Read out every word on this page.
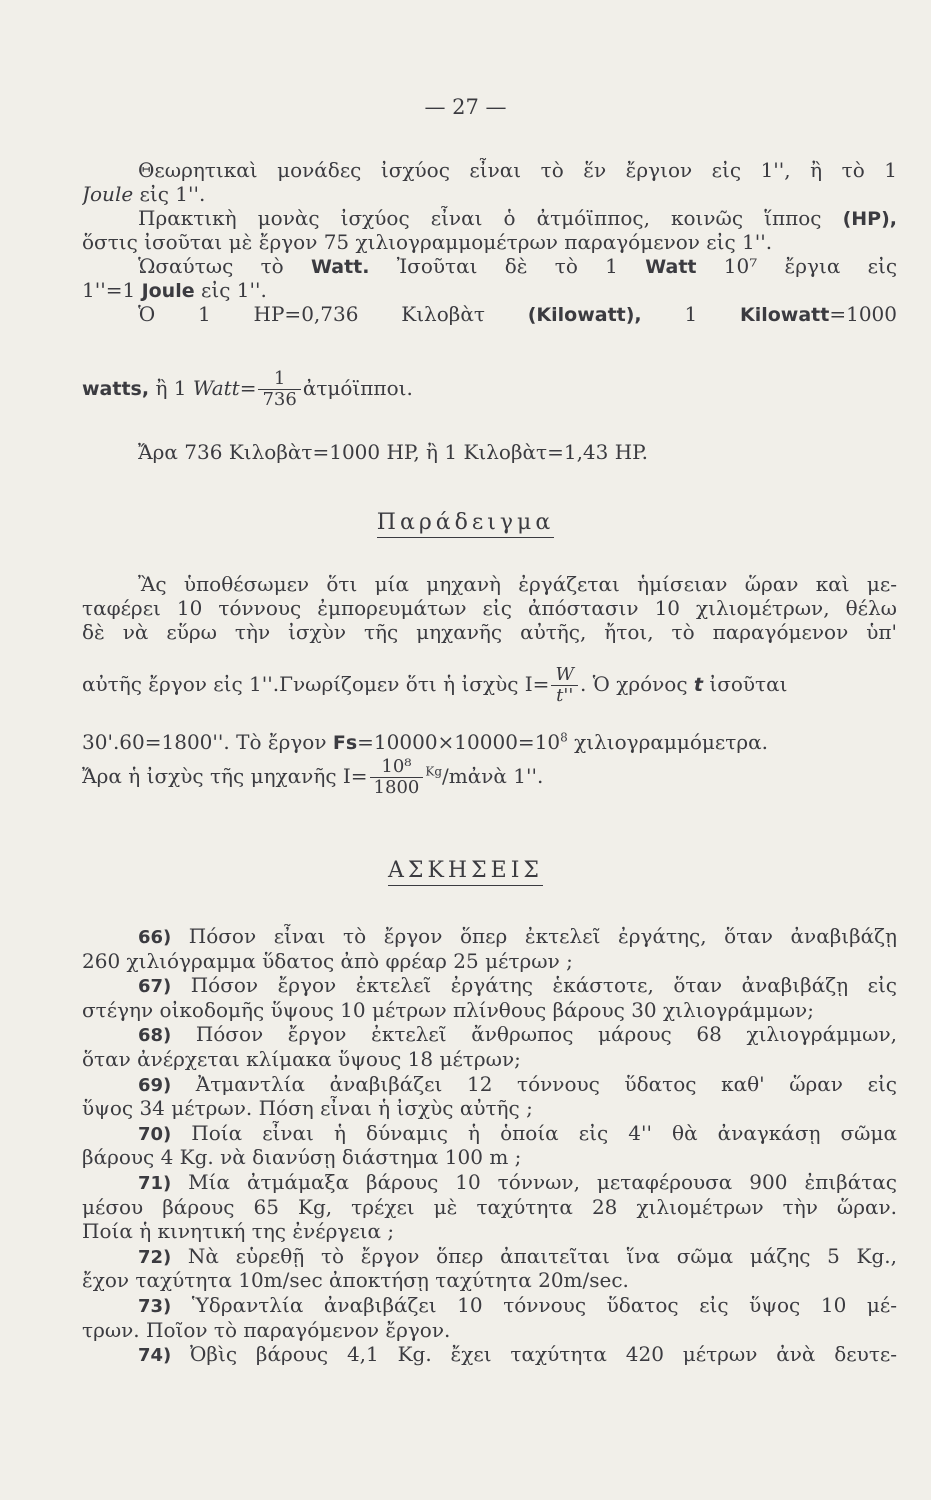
— 27 —
Θεωρητικαὶ μονάδες ἰσχύος εἶναι τὸ ἕν ἔργιον εἰς 1'', ἢ τὸ 1
Joule εἰς 1''.
Πρακτικὴ μονὰς ἰσχύος εἶναι ὁ ἀτμόϊππος, κοινῶς ἵππος (HP),
ὅστις ἰσοῦται μὲ ἔργον 75 χιλιογραμμομέτρων παραγόμενον εἰς 1''.
Ὡσαύτως τὸ Watt. Ἰσοῦται δὲ τὸ 1 Watt 10⁷ ἔργια εἰς
1''=1 Joule εἰς 1''.
Ὁ 1 HP=0,736 Κιλοβὰτ (Kilowatt), 1 Kilowatt=1000
watts, ἢ 1 Watt= $\frac{1}{736}$ ἀτμόϊπποι.
Ἄρα 736 Κιλοβὰτ=1000 HP, ἢ 1 Κιλοβὰτ=1,43 HP.
Παράδειγμα
Ἂς ὑποθέσωμεν ὅτι μία μηχανὴ ἐργάζεται ἡμίσειαν ὥραν καὶ με-
ταφέρει 10 τόννους ἐμπορευμάτων εἰς ἀπόστασιν 10 χιλιομέτρων, θέλω
δὲ νὰ εὕρω τὴν ἰσχὺν τῆς μηχανῆς αὐτῆς, ἤτοι, τὸ παραγόμενον ὑπ'
αὐτῆς ἔργον εἰς 1''.Γνωρίζομεν ὅτι ἡ ἰσχὺς $I= \frac{W}{t''}$ . Ὁ χρόνος t ἰσοῦται
30'.60=1800''. Τὸ ἔργον $Fs=10000\times 10000=10^8$ χιλιογραμμόμετρα.
Ἄρα ἡ ἰσχὺς τῆς μηχανῆς $I= \frac{\text{10⁸}}{1800}$ $^{Kg}$/mἀνὰ 1''.
ΑΣΚΗΣΕΙΣ
66) Πόσον εἶναι τὸ ἔργον ὅπερ ἐκτελεῖ ἐργάτης, ὅταν ἀναβιβάζῃ
260 χιλιόγραμμα ὕδατος ἀπὸ φρέαρ 25 μέτρων ;
67) Πόσον ἔργον ἐκτελεῖ ἐργάτης ἑκάστοτε, ὅταν ἀναβιβάζῃ εἰς
στέγην οἰκοδομῆς ὕψους 10 μέτρων πλίνθους βάρους 30 χιλιογράμμων;
68) Πόσον ἔργον ἐκτελεῖ ἄνθρωπος μάρους 68 χιλιογράμμων,
ὅταν ἀνέρχεται κλίμακα ὕψους 18 μέτρων;
69) Ἀτμαντλία ἀναβιβάζει 12 τόννους ὕδατος καθ' ὥραν εἰς
ὕψος 34 μέτρων. Πόση εἶναι ἡ ἰσχὺς αὐτῆς ;
70) Ποία εἶναι ἡ δύναμις ἡ ὁποία εἰς 4'' θὰ ἀναγκάσῃ σῶμα
βάρους 4 Kg. νὰ διανύσῃ διάστημα 100 m ;
71) Μία ἀτμάμαξα βάρους 10 τόννων, μεταφέρουσα 900 ἐπιβάτας
μέσου βάρους 65 Kg, τρέχει μὲ ταχύτητα 28 χιλιομέτρων τὴν ὥραν.
Ποία ἡ κινητική της ἐνέργεια ;
72) Νὰ εὑρεθῇ τὸ ἔργον ὅπερ ἀπαιτεῖται ἵνα σῶμα μάζης 5 Kg.,
ἔχον ταχύτητα 10m/sec ἀποκτήσῃ ταχύτητα 20m/sec.
73) Ὑδραντλία ἀναβιβάζει 10 τόννους ὕδατος εἰς ὕψος 10 μέ-
τρων. Ποῖον τὸ παραγόμενον ἔργον.
74) Ὀβὶς βάρους 4,1 Kg. ἔχει ταχύτητα 420 μέτρων ἀνὰ δευτε-
